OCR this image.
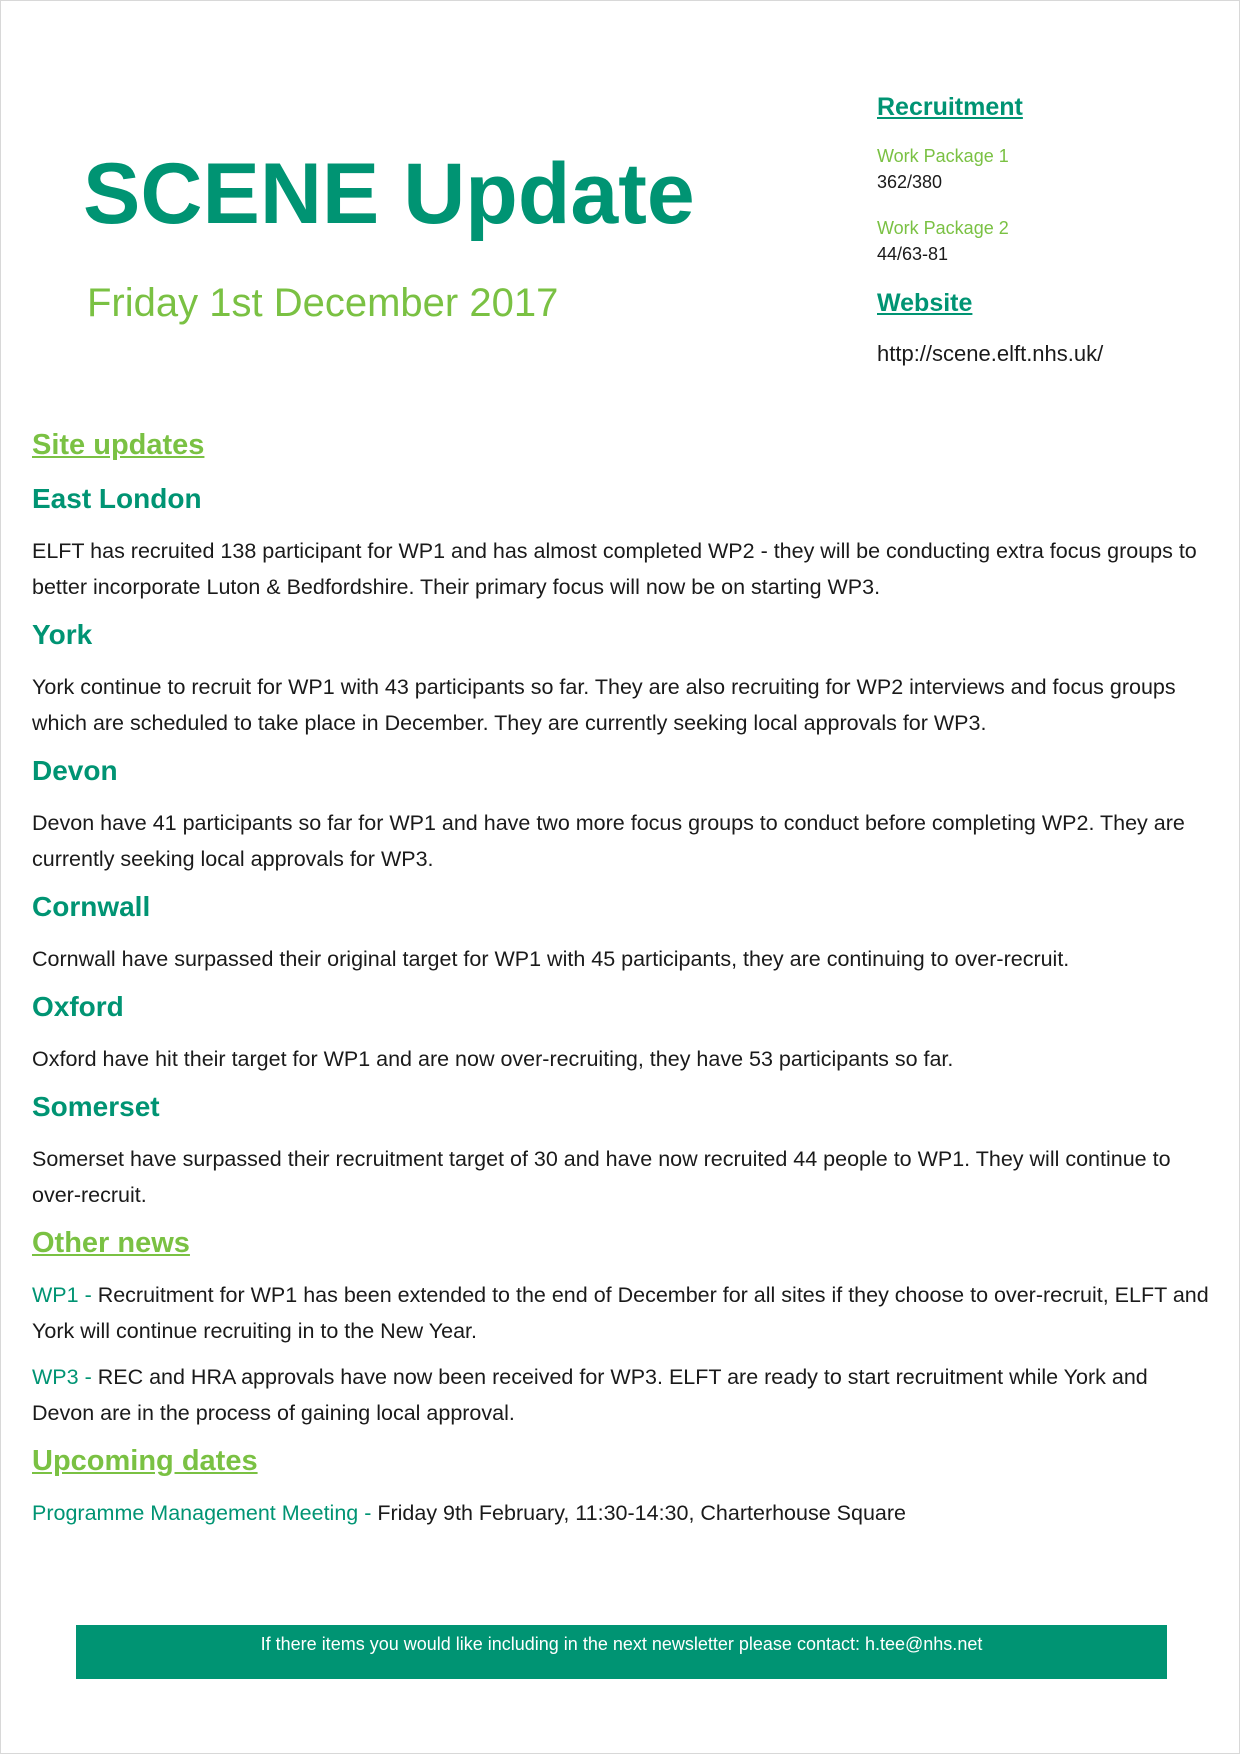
SCENE Update
Friday 1st December 2017
Recruitment
Work Package 1
362/380
Work Package 2
44/63-81
Website
http://scene.elft.nhs.uk/
Site updates
East London

ELFT has recruited 138 participant for WP1 and has almost completed WP2 - they will be conducting extra focus groups to better incorporate Luton & Bedfordshire. Their primary focus will now be on starting WP3.

York

York continue to recruit for WP1 with 43 participants so far. They are also recruiting for WP2 interviews and focus groups which are scheduled to take place in December. They are currently seeking local approvals for WP3.

Devon

Devon have 41 participants so far for WP1 and have two more focus groups to conduct before completing WP2. They are currently seeking local approvals for WP3.

Cornwall

Cornwall have surpassed their original target for WP1 with 45 participants, they are continuing to over-recruit.

Oxford

Oxford have hit their target for WP1 and are now over-recruiting, they have 53 participants so far.

Somerset

Somerset have surpassed their recruitment target of 30 and have now recruited 44 people to WP1. They will continue to over-recruit.

Other news

WP1 - Recruitment for WP1 has been extended to the end of December for all sites if they choose to over-recruit, ELFT and York will continue recruiting in to the New Year.

WP3 - REC and HRA approvals have now been received for WP3. ELFT are ready to start recruitment while York and Devon are in the process of gaining local approval.

Upcoming dates

Programme Management Meeting - Friday 9th February, 11:30-14:30, Charterhouse Square

If there items you would like including in the next newsletter please contact: h.tee@nhs.net
